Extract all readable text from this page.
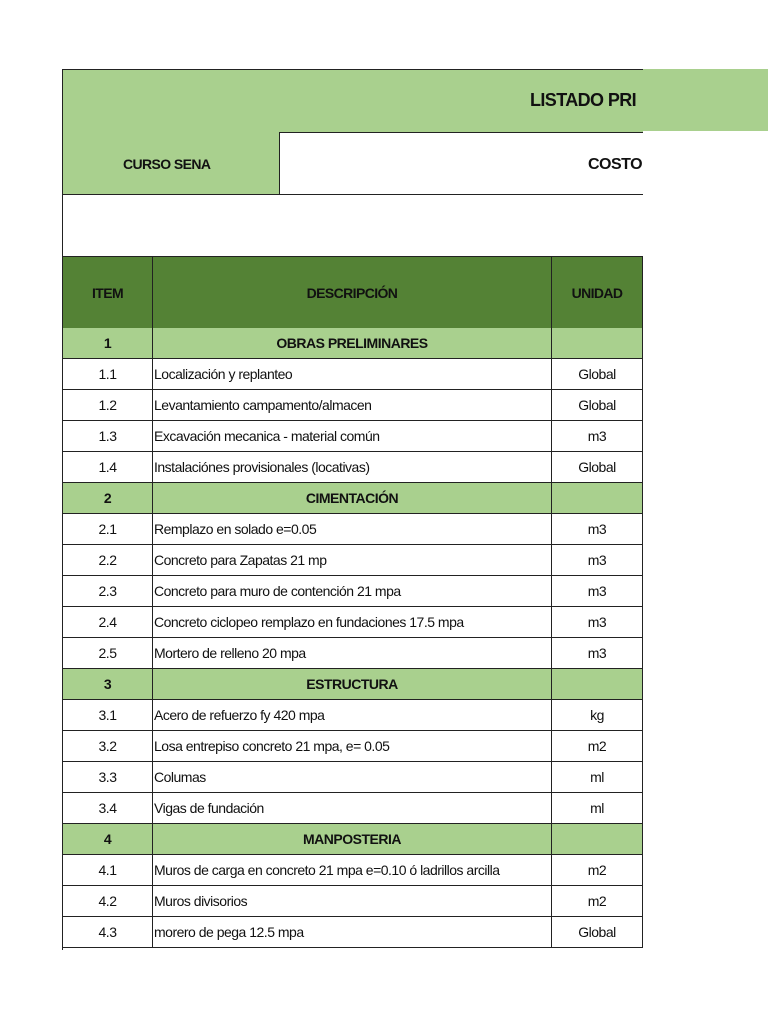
LISTADO PRI
CURSO SENA	COSTO
ITEM	DESCRIPCIÓN	UNIDAD
1	OBRAS PRELIMINARES
1.1	Localización y replanteo	Global
1.2	Levantamiento campamento/almacen	Global
1.3	Excavación mecanica - material común	m3
1.4	Instalaciónes provisionales (locativas)	Global
2	CIMENTACIÓN
2.1	Remplazo en solado e=0.05	m3
2.2	Concreto para Zapatas 21 mp	m3
2.3	Concreto para muro de contención 21 mpa	m3
2.4	Concreto ciclopeo remplazo en fundaciones 17.5 mpa	m3
2.5	Mortero de relleno 20 mpa	m3
3	ESTRUCTURA
3.1	Acero de refuerzo fy 420 mpa	kg
3.2	Losa entrepiso concreto 21 mpa, e= 0.05	m2
3.3	Columas	ml
3.4	Vigas de fundación	ml
4	MANPOSTERIA
4.1	Muros de carga en concreto 21 mpa e=0.10 ó ladrillos arcilla	m2
4.2	Muros divisorios	m2
4.3	morero de pega 12.5 mpa	Global
